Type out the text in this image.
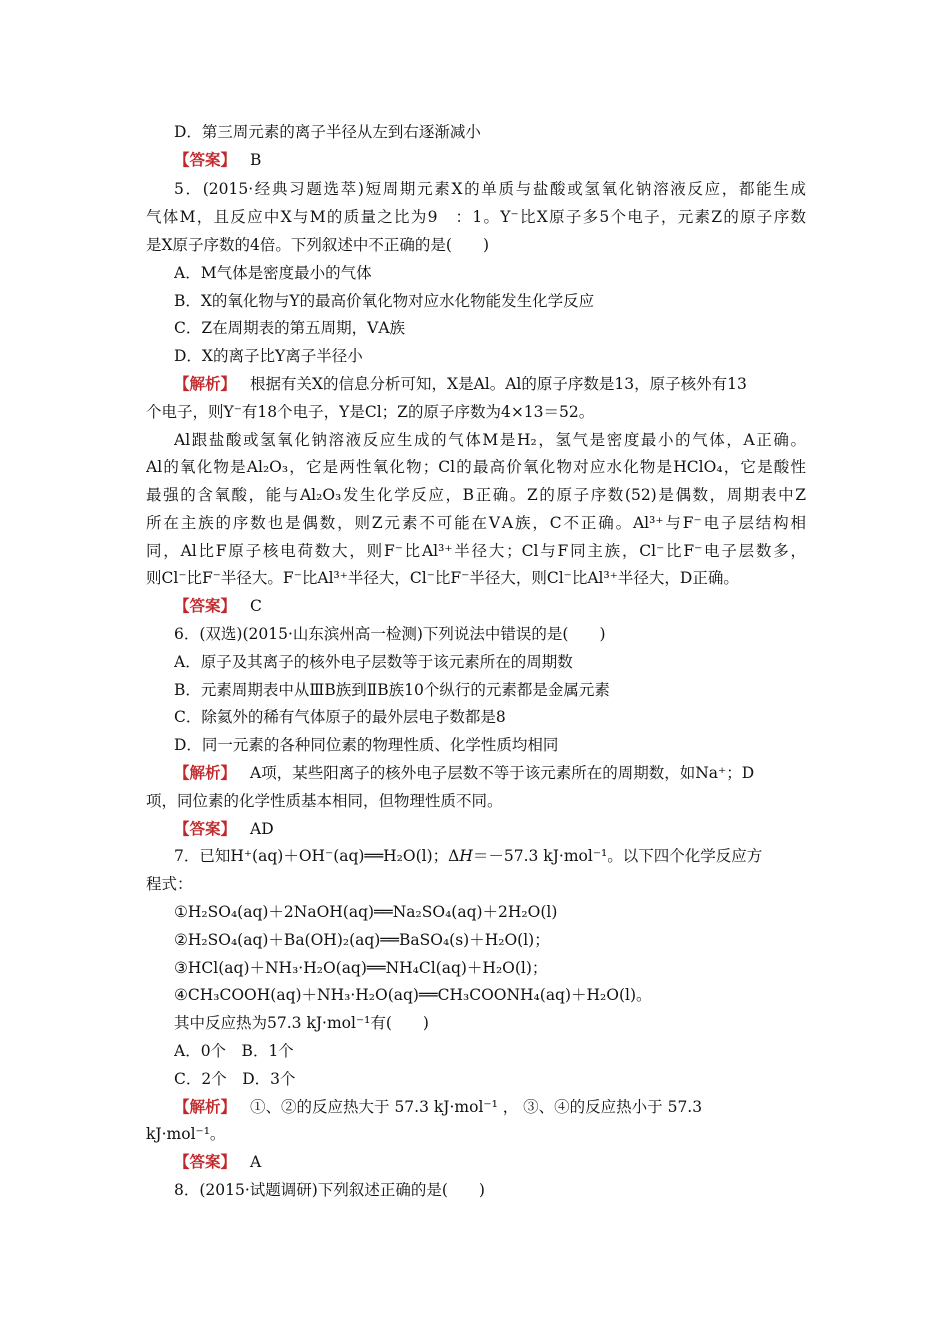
D．第三周元素的离子半径从左到右逐渐减小
【答案】 B
5．(2015·经典习题选萃)短周期元素X的单质与盐酸或氢氧化钠溶液反应，都能生成
气体M，且反应中X与M的质量之比为9　：1。Y⁻比X原子多5个电子，元素Z的原子序数
是X原子序数的4倍。下列叙述中不正确的是(　　)
A．M气体是密度最小的气体
B．X的氧化物与Y的最高价氧化物对应水化物能发生化学反应
C．Z在周期表的第五周期，ⅤA族
D．X的离子比Y离子半径小
【解析】 根据有关X的信息分析可知，X是Al。Al的原子序数是13，原子核外有13
个电子，则Y⁻有18个电子，Y是Cl；Z的原子序数为4×13＝52。
Al跟盐酸或氢氧化钠溶液反应生成的气体M是H₂，氢气是密度最小的气体，A正确。
Al的氧化物是Al₂O₃，它是两性氧化物；Cl的最高价氧化物对应水化物是HClO₄，它是酸性
最强的含氧酸，能与Al₂O₃发生化学反应，B正确。Z的原子序数(52)是偶数，周期表中Z
所在主族的序数也是偶数，则Z元素不可能在ⅤA族，C不正确。Al³⁺与F⁻电子层结构相
同，Al比F原子核电荷数大，则F⁻比Al³⁺半径大；Cl与F同主族，Cl⁻比F⁻电子层数多，
则Cl⁻比F⁻半径大。F⁻比Al³⁺半径大，Cl⁻比F⁻半径大，则Cl⁻比Al³⁺半径大，D正确。
【答案】 C
6．(双选)(2015·山东滨州高一检测)下列说法中错误的是(　　)
A．原子及其离子的核外电子层数等于该元素所在的周期数
B．元素周期表中从ⅢB族到ⅡB族10个纵行的元素都是金属元素
C．除氦外的稀有气体原子的最外层电子数都是8
D．同一元素的各种同位素的物理性质、化学性质均相同
【解析】 A项，某些阳离子的核外电子层数不等于该元素所在的周期数，如Na⁺；D
项，同位素的化学性质基本相同，但物理性质不同。
【答案】 AD
7．已知H⁺(aq)＋OH⁻(aq)══H₂O(l)；ΔH＝－57.3 kJ·mol⁻¹。以下四个化学反应方
程式：
①H₂SO₄(aq)＋2NaOH(aq)══Na₂SO₄(aq)＋2H₂O(l)
②H₂SO₄(aq)＋Ba(OH)₂(aq)══BaSO₄(s)＋H₂O(l)；
③HCl(aq)＋NH₃·H₂O(aq)══NH₄Cl(aq)＋H₂O(l)；
④CH₃COOH(aq)＋NH₃·H₂O(aq)══CH₃COONH₄(aq)＋H₂O(l)。
其中反应热为57.3 kJ·mol⁻¹有(　　)
A．0个　B．1个
C．2个　D．3个
【解析】 ①、②的反应热大于 57.3 kJ·mol⁻¹ ， ③、④的反应热小于 57.3
kJ·mol⁻¹。
【答案】 A
8．(2015·试题调研)下列叙述正确的是(　　)
